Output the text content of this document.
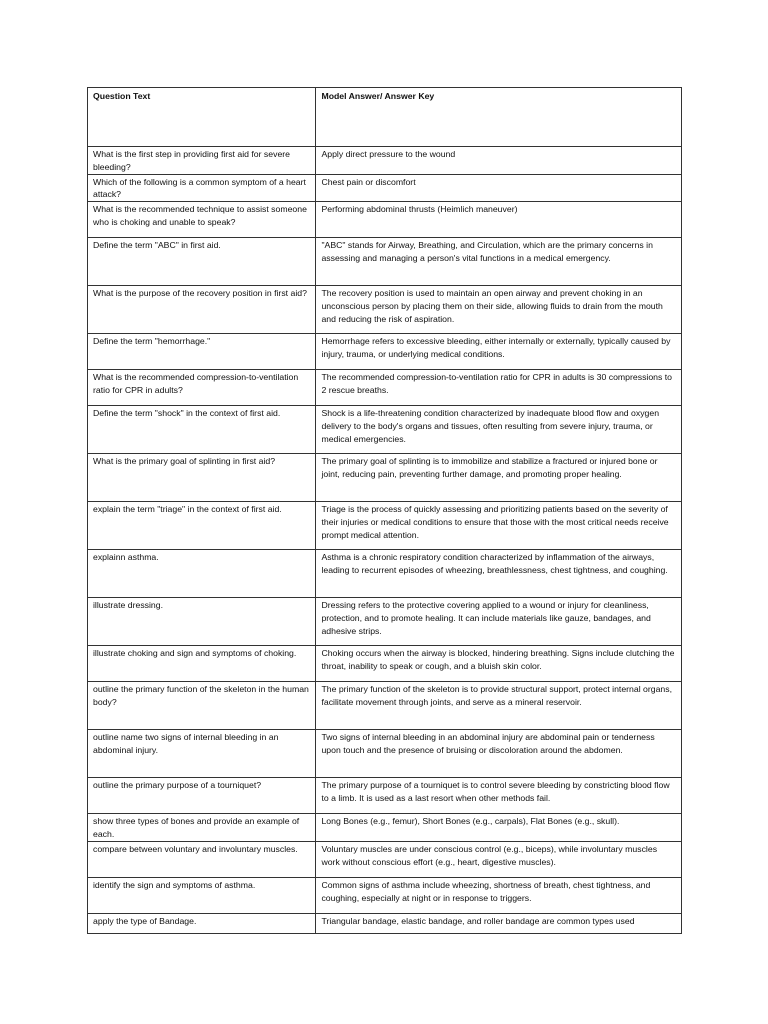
Question Text	Model Answer/ Answer Key
What is the first step in providing first aid for severe bleeding?	Apply direct pressure to the wound
Which of the following is a common symptom of a heart attack?	Chest pain or discomfort
What is the recommended technique to assist someone who is choking and unable to speak?	Performing abdominal thrusts (Heimlich maneuver)
Define the term "ABC" in first aid.	"ABC" stands for Airway, Breathing, and Circulation, which are the primary concerns in assessing and managing a person's vital functions in a medical emergency.
What is the purpose of the recovery position in first aid?	The recovery position is used to maintain an open airway and prevent choking in an unconscious person by placing them on their side, allowing fluids to drain from the mouth and reducing the risk of aspiration.
Define the term "hemorrhage."	Hemorrhage refers to excessive bleeding, either internally or externally, typically caused by injury, trauma, or underlying medical conditions.
What is the recommended compression-to-ventilation ratio for CPR in adults?	The recommended compression-to-ventilation ratio for CPR in adults is 30 compressions to 2 rescue breaths.
Define the term "shock" in the context of first aid.	Shock is a life-threatening condition characterized by inadequate blood flow and oxygen delivery to the body's organs and tissues, often resulting from severe injury, trauma, or medical emergencies.
What is the primary goal of splinting in first aid?	The primary goal of splinting is to immobilize and stabilize a fractured or injured bone or joint, reducing pain, preventing further damage, and promoting proper healing.
explain the term "triage" in the context of first aid.	Triage is the process of quickly assessing and prioritizing patients based on the severity of their injuries or medical conditions to ensure that those with the most critical needs receive prompt medical attention.
explainn asthma.	Asthma is a chronic respiratory condition characterized by inflammation of the airways, leading to recurrent episodes of wheezing, breathlessness, chest tightness, and coughing.
illustrate dressing.	Dressing refers to the protective covering applied to a wound or injury for cleanliness, protection, and to promote healing. It can include materials like gauze, bandages, and adhesive strips.
illustrate choking and sign and symptoms of choking.	Choking occurs when the airway is blocked, hindering breathing. Signs include clutching the throat, inability to speak or cough, and a bluish skin color.
outline the primary function of the skeleton in the human body?	The primary function of the skeleton is to provide structural support, protect internal organs, facilitate movement through joints, and serve as a mineral reservoir.
outline name two signs of internal bleeding in an abdominal injury.	Two signs of internal bleeding in an abdominal injury are abdominal pain or tenderness upon touch and the presence of bruising or discoloration around the abdomen.
outline the primary purpose of a tourniquet?	The primary purpose of a tourniquet is to control severe bleeding by constricting blood flow to a limb. It is used as a last resort when other methods fail.
show three types of bones and provide an example of each.	Long Bones (e.g., femur), Short Bones (e.g., carpals), Flat Bones (e.g., skull).
compare between voluntary and involuntary muscles.	Voluntary muscles are under conscious control (e.g., biceps), while involuntary muscles work without conscious effort (e.g., heart, digestive muscles).
identify the sign and symptoms of asthma.	Common signs of asthma include wheezing, shortness of breath, chest tightness, and coughing, especially at night or in response to triggers.
apply the type of Bandage.	Triangular bandage, elastic bandage, and roller bandage are common types used
